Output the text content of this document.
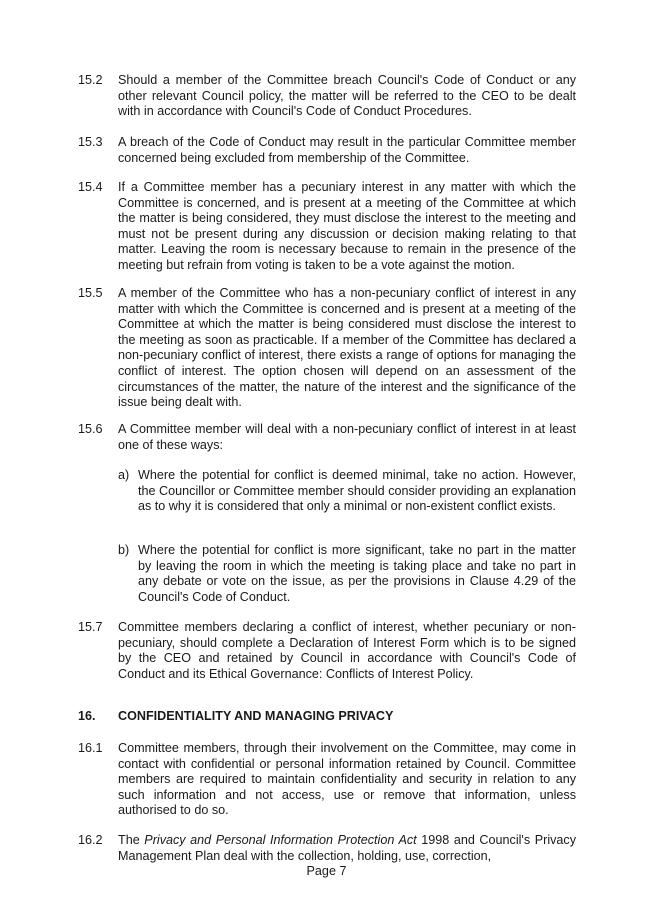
15.2	Should a member of the Committee breach Council's Code of Conduct or any other relevant Council policy, the matter will be referred to the CEO to be dealt with in accordance with Council's Code of Conduct Procedures.
15.3	A breach of the Code of Conduct may result in the particular Committee member concerned being excluded from membership of the Committee.
15.4	If a Committee member has a pecuniary interest in any matter with which the Committee is concerned, and is present at a meeting of the Committee at which the matter is being considered, they must disclose the interest to the meeting and must not be present during any discussion or decision making relating to that matter. Leaving the room is necessary because to remain in the presence of the meeting but refrain from voting is taken to be a vote against the motion.
15.5	A member of the Committee who has a non-pecuniary conflict of interest in any matter with which the Committee is concerned and is present at a meeting of the Committee at which the matter is being considered must disclose the interest to the meeting as soon as practicable. If a member of the Committee has declared a non-pecuniary conflict of interest, there exists a range of options for managing the conflict of interest. The option chosen will depend on an assessment of the circumstances of the matter, the nature of the interest and the significance of the issue being dealt with.
15.6	A Committee member will deal with a non-pecuniary conflict of interest in at least one of these ways:
a) Where the potential for conflict is deemed minimal, take no action. However, the Councillor or Committee member should consider providing an explanation as to why it is considered that only a minimal or non-existent conflict exists.
b) Where the potential for conflict is more significant, take no part in the matter by leaving the room in which the meeting is taking place and take no part in any debate or vote on the issue, as per the provisions in Clause 4.29 of the Council's Code of Conduct.
15.7	Committee members declaring a conflict of interest, whether pecuniary or non-pecuniary, should complete a Declaration of Interest Form which is to be signed by the CEO and retained by Council in accordance with Council's Code of Conduct and its Ethical Governance: Conflicts of Interest Policy.
16.	CONFIDENTIALITY AND MANAGING PRIVACY
16.1	Committee members, through their involvement on the Committee, may come in contact with confidential or personal information retained by Council. Committee members are required to maintain confidentiality and security in relation to any such information and not access, use or remove that information, unless authorised to do so.
16.2	The Privacy and Personal Information Protection Act 1998 and Council's Privacy Management Plan deal with the collection, holding, use, correction,
Page 7
